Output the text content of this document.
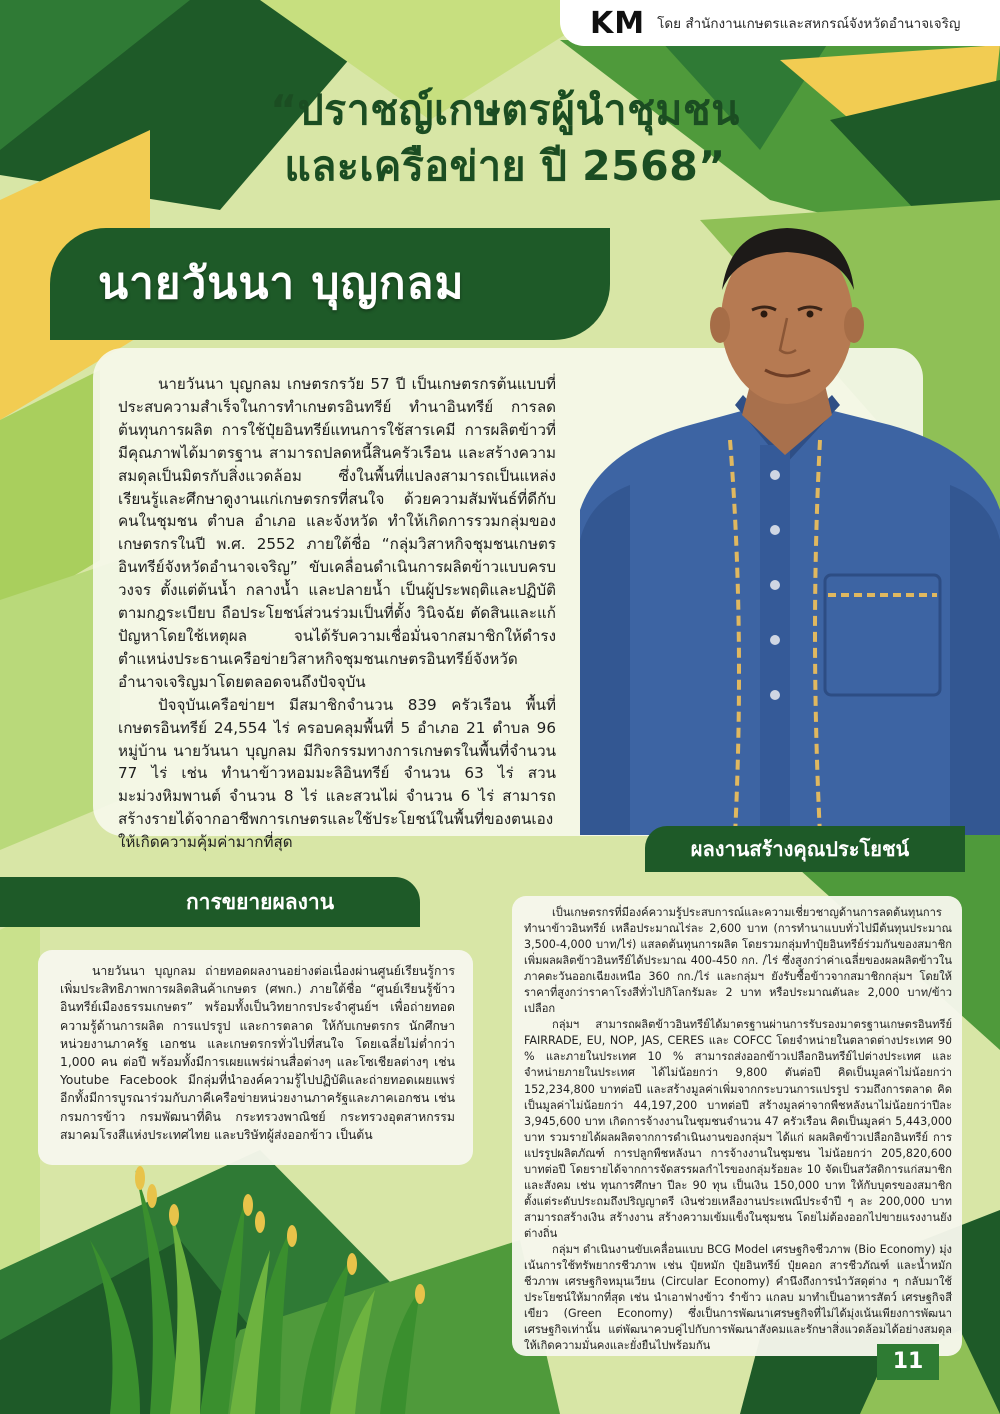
KM โดย สำนักงานเกษตรและสหกรณ์จังหวัดอำนาจเจริญ
“ปราชญ์เกษตรผู้นำชุมชน
และเครือข่าย ปี 2568”
นายวันนา บุญกลม

นายวันนา บุญกลม เกษตรกรวัย 57 ปี เป็นเกษตรกรต้นแบบที่ประสบความสำเร็จในการทำเกษตรอินทรีย์ ทำนาอินทรีย์ การลดต้นทุนการผลิต การใช้ปุ๋ยอินทรีย์แทนการใช้สารเคมี การผลิตข้าวที่มีคุณภาพได้มาตรฐาน สามารถปลดหนี้สินครัวเรือน และสร้างความสมดุลเป็นมิตรกับสิ่งแวดล้อม ซึ่งในพื้นที่แปลงสามารถเป็นแหล่งเรียนรู้และศึกษาดูงานแก่เกษตรกรที่สนใจ ด้วยความสัมพันธ์ที่ดีกับคนในชุมชน ตำบล อำเภอ และจังหวัด ทำให้เกิดการรวมกลุ่มของเกษตรกรในปี พ.ศ. 2552 ภายใต้ชื่อ “กลุ่มวิสาหกิจชุมชนเกษตรอินทรีย์จังหวัดอำนาจเจริญ” ขับเคลื่อนดำเนินการผลิตข้าวแบบครบวงจร ตั้งแต่ต้นน้ำ กลางน้ำ และปลายน้ำ เป็นผู้ประพฤติและปฏิบัติตามกฎระเบียบ ถือประโยชน์ส่วนร่วมเป็นที่ตั้ง วินิจฉัย ตัดสินและแก้ปัญหาโดยใช้เหตุผล จนได้รับความเชื่อมั่นจากสมาชิกให้ดำรงตำแหน่งประธานเครือข่ายวิสาหกิจชุมชนเกษตรอินทรีย์จังหวัดอำนาจเจริญมาโดยตลอดจนถึงปัจจุบัน

ปัจจุบันเครือข่ายฯ มีสมาชิกจำนวน 839 ครัวเรือน พื้นที่เกษตรอินทรีย์ 24,554 ไร่ ครอบคลุมพื้นที่ 5 อำเภอ 21 ตำบล 96 หมู่บ้าน นายวันนา บุญกลม มีกิจกรรมทางการเกษตรในพื้นที่จำนวน 77 ไร่ เช่น ทำนาข้าวหอมมะลิอินทรีย์ จำนวน 63 ไร่ สวนมะม่วงหิมพานต์ จำนวน 8 ไร่ และสวนไผ่ จำนวน 6 ไร่ สามารถสร้างรายได้จากอาชีพการเกษตรและใช้ประโยชน์ในพื้นที่ของตนเองให้เกิดความคุ้มค่ามากที่สุด	ผลงานสร้างคุณประโยชน์
การขยายผลงาน

นายวันนา บุญกลม ถ่ายทอดผลงานอย่างต่อเนื่องผ่านศูนย์เรียนรู้การเพิ่มประสิทธิภาพการผลิตสินค้าเกษตร (ศพก.) ภายใต้ชื่อ “ศูนย์เรียนรู้ข้าวอินทรีย์เมืองธรรมเกษตร” พร้อมทั้งเป็นวิทยากรประจำศูนย์ฯ เพื่อถ่ายทอดความรู้ด้านการผลิต การแปรรูป และการตลาด ให้กับเกษตรกร นักศึกษา หน่วยงานภาครัฐ เอกชน และเกษตรกรทั่วไปที่สนใจ โดยเฉลี่ยไม่ต่ำกว่า 1,000 คน ต่อปี พร้อมทั้งมีการเผยแพร่ผ่านสื่อต่างๆ และโซเชียลต่างๆ เช่น Youtube Facebook มีกลุ่มที่นำองค์ความรู้ไปปฏิบัติและถ่ายทอดเผยแพร่ อีกทั้งมีการบูรณาร่วมกับภาคีเครือข่ายหน่วยงานภาครัฐและภาคเอกชน เช่น กรมการข้าว กรมพัฒนาที่ดิน กระทรวงพาณิชย์ กระทรวงอุตสาหกรรม สมาคมโรงสีแห่งประเทศไทย และบริษัทผู้ส่งออกข้าว เป็นต้น

เป็นเกษตรกรที่มีองค์ความรู้ประสบการณ์และความเชี่ยวชาญด้านการลดต้นทุนการทำนาข้าวอินทรีย์ เหลือประมาณไร่ละ 2,600 บาท (การทำนาแบบทั่วไปมีต้นทุนประมาณ 3,500-4,000 บาท/ไร่) แสลดต้นทุนการผลิต โดยรวมกลุ่มทำปุ๋ยอินทรีย์ร่วมกันของสมาชิก เพิ่มผลผลิตข้าวอินทรีย์ได้ประมาณ 400-450 กก. /ไร่ ซึ่งสูงกว่าค่าเฉลี่ยของผลผลิตข้าวในภาคตะวันออกเฉียงเหนือ 360 กก./ไร่ และกลุ่มฯ ยังรับซื้อข้าวจากสมาชิกกลุ่มฯ โดยให้ราคาที่สูงกว่าราคาโรงสีทั่วไปกิโลกรัมละ 2 บาท หรือประมาณตันละ 2,000 บาท/ข้าวเปลือก

กลุ่มฯ สามารถผลิตข้าวอินทรีย์ได้มาตรฐานผ่านการรับรองมาตรฐานเกษตรอินทรีย์ FAIRRADE, EU, NOP, JAS, CERES และ COFCC โดยจำหน่ายในตลาดต่างประเทศ 90 % และภายในประเทศ 10 % สามารถส่งออกข้าวเปลือกอินทรีย์ไปต่างประเทศ และจำหน่ายภายในประเทศ ได้ไม่น้อยกว่า 9,800 ตันต่อปี คิดเป็นมูลค่าไม่น้อยกว่า 152,234,800 บาทต่อปี และสร้างมูลค่าเพิ่มจากกระบวนการแปรรูป รวมถึงการตลาด คิดเป็นมูลค่าไม่น้อยกว่า 44,197,200 บาทต่อปี สร้างมูลค่าจากพืชหลังนาไม่น้อยกว่าปีละ 3,945,600 บาท เกิดการจ้างงานในชุมชนจำนวน 47 ครัวเรือน คิดเป็นมูลค่า 5,443,000 บาท รวมรายได้ผลผลิตจากการดำเนินงานของกลุ่มฯ ได้แก่ ผลผลิตข้าวเปลือกอินทรีย์ การแปรรูปผลิตภัณฑ์ การปลูกพืชหลังนา การจ้างงานในชุมชน ไม่น้อยกว่า 205,820,600 บาทต่อปี โดยรายได้จากการจัดสรรผลกำไรของกลุ่มร้อยละ 10 จัดเป็นสวัสดิการแก่สมาชิกและสังคม เช่น ทุนการศึกษา ปีละ 90 ทุน เป็นเงิน 150,000 บาท ให้กับบุตรของสมาชิกตั้งแต่ระดับประถมถึงปริญญาตรี เงินช่วยเหลืองานประเพณีประจำปี ๆ ละ 200,000 บาท สามารถสร้างเงิน สร้างงาน สร้างความเข้มแข็งในชุมชน โดยไม่ต้องออกไปขายแรงงานยังต่างถิ่น

กลุ่มฯ ดำเนินงานขับเคลื่อนแบบ BCG Model เศรษฐกิจชีวภาพ (Bio Economy) มุ่งเน้นการใช้ทรัพยากรชีวภาพ เช่น ปุ๋ยหมัก ปุ๋ยอินทรีย์ ปุ๋ยคอก สารชีวภัณฑ์ และน้ำหมักชีวภาพ เศรษฐกิจหมุนเวียน (Circular Economy) คำนึงถึงการนำวัสดุต่าง ๆ กลับมาใช้ประโยชน์ให้มากที่สุด เช่น นำเอาฟางข้าว รำข้าว แกลบ มาทำเป็นอาหารสัตว์ เศรษฐกิจสีเขียว (Green Economy) ซึ่งเป็นการพัฒนาเศรษฐกิจที่ไม่ได้มุ่งเน้นเพียงการพัฒนาเศรษฐกิจเท่านั้น แต่พัฒนาควบคู่ไปกับการพัฒนาสังคมและรักษาสิ่งแวดล้อมได้อย่างสมดุลให้เกิดความมั่นคงและยั่งยืนไปพร้อมกัน

11
